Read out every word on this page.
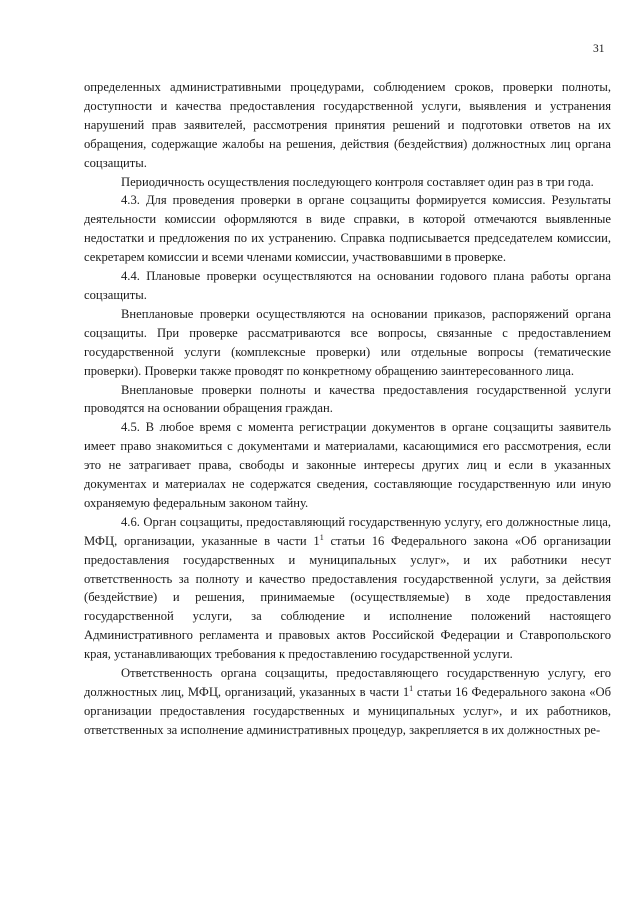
31

определенных административными процедурами, соблюдением сроков, проверки полноты, доступности и качества предоставления государственной услуги, выявления и устранения нарушений прав заявителей, рассмотрения принятия решений и подготовки ответов на их обращения, содержащие жалобы на решения, действия (бездействия) должностных лиц органа соцзащиты.

Периодичность осуществления последующего контроля составляет один раз в три года.

4.3. Для проведения проверки в органе соцзащиты формируется комиссия. Результаты деятельности комиссии оформляются в виде справки, в которой отмечаются выявленные недостатки и предложения по их устранению. Справка подписывается председателем комиссии, секретарем комиссии и всеми членами комиссии, участвовавшими в проверке.

4.4. Плановые проверки осуществляются на основании годового плана работы органа соцзащиты.

Внеплановые проверки осуществляются на основании приказов, распоряжений органа соцзащиты. При проверке рассматриваются все вопросы, связанные с предоставлением государственной услуги (комплексные проверки) или отдельные вопросы (тематические проверки). Проверки также проводят по конкретному обращению заинтересованного лица.

Внеплановые проверки полноты и качества предоставления государственной услуги проводятся на основании обращения граждан.

4.5. В любое время с момента регистрации документов в органе соцзащиты заявитель имеет право знакомиться с документами и материалами, касающимися его рассмотрения, если это не затрагивает права, свободы и законные интересы других лиц и если в указанных документах и материалах не содержатся сведения, составляющие государственную или иную охраняемую федеральным законом тайну.

4.6. Орган соцзащиты, предоставляющий государственную услугу, его должностные лица, МФЦ, организации, указанные в части $1^1$ статьи 16 Федерального закона «Об организации предоставления государственных и муниципальных услуг», и их работники несут ответственность за полноту и качество предоставления государственной услуги, за действия (бездействие) и решения, принимаемые (осуществляемые) в ходе предоставления государственной услуги, за соблюдение и исполнение положений настоящего Административного регламента и правовых актов Российской Федерации и Ставропольского края, устанавливающих требования к предоставлению государственной услуги.

Ответственность органа соцзащиты, предоставляющего государственную услугу, его должностных лиц, МФЦ, организаций, указанных в части $1^1$ статьи 16 Федерального закона «Об организации предоставления государственных и муниципальных услуг», и их работников, ответственных за исполнение административных процедур, закрепляется в их должностных ре-
